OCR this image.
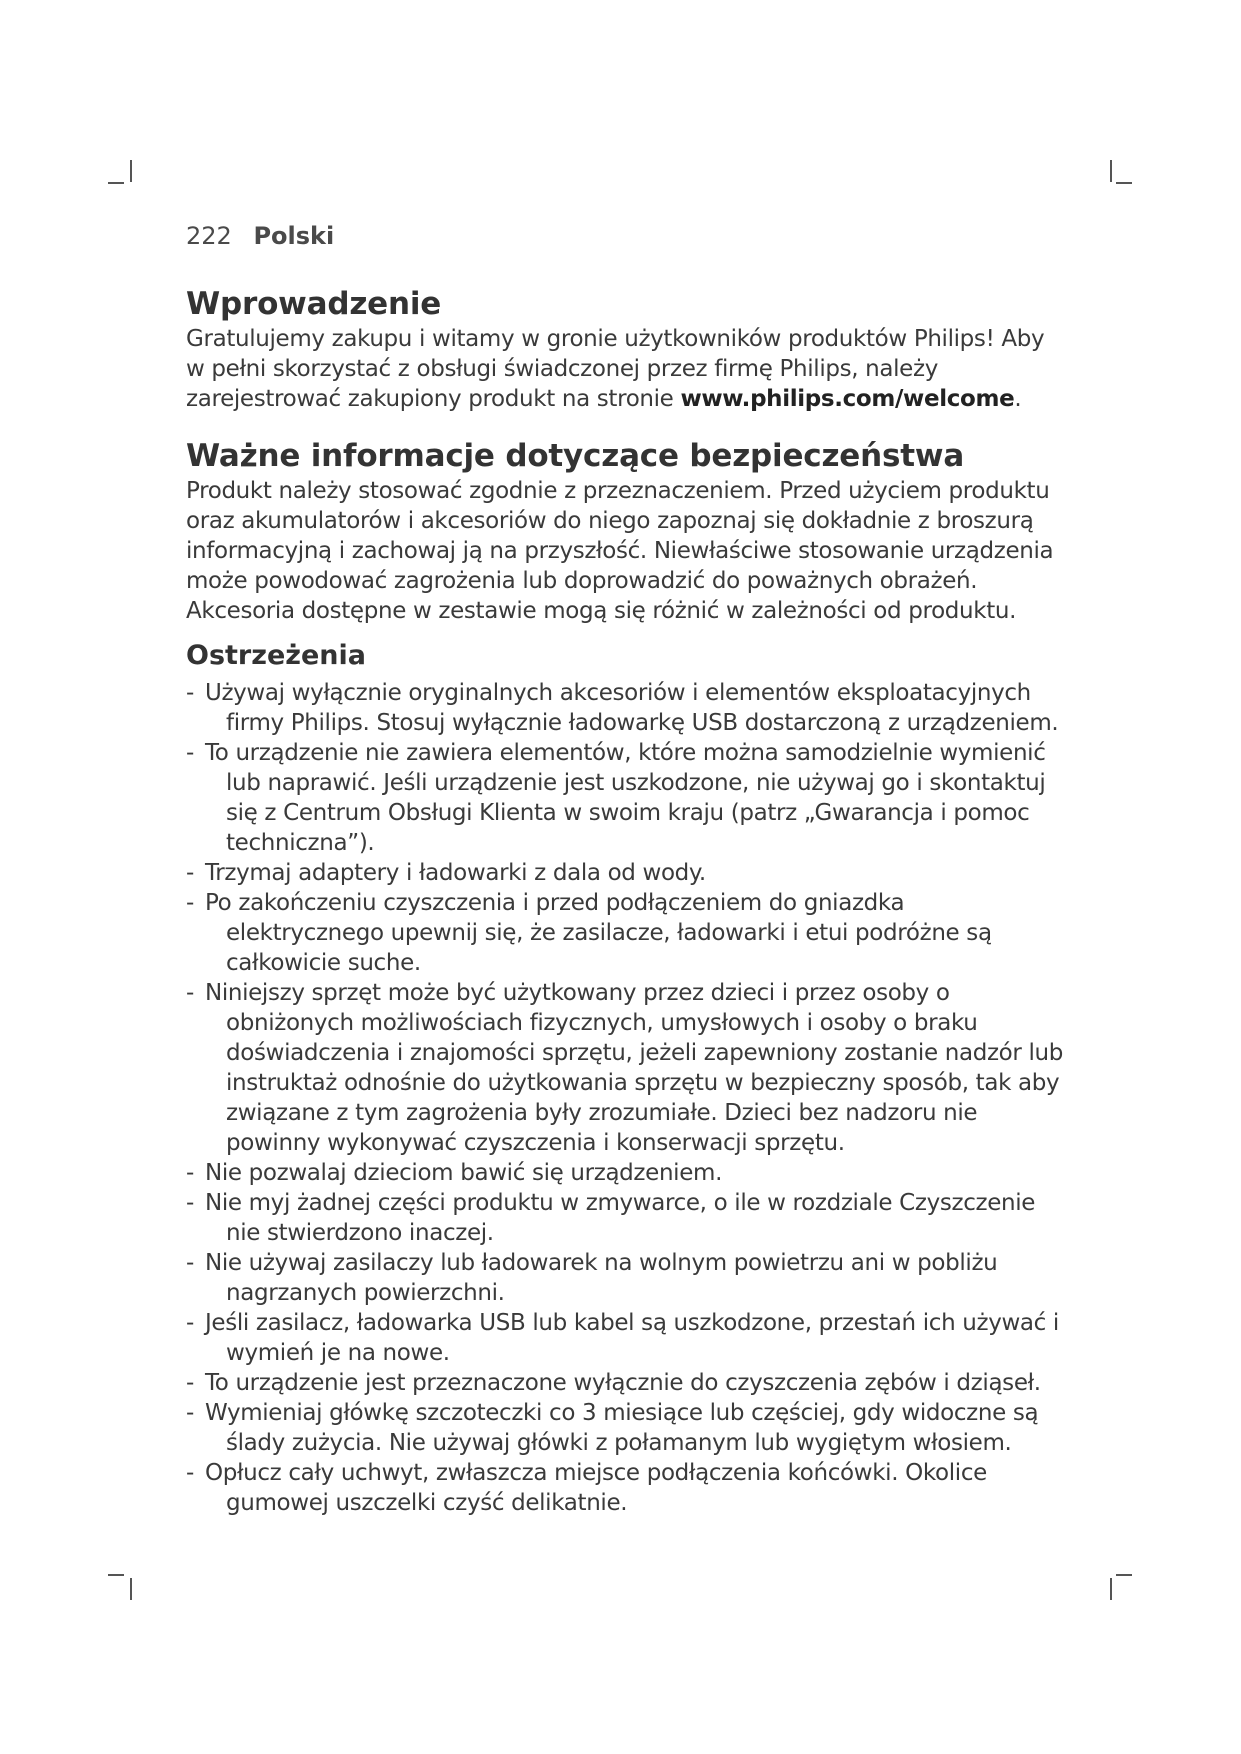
222 Polski
Wprowadzenie

Gratulujemy zakupu i witamy w gronie użytkowników produktów Philips! Aby w pełni skorzystać z obsługi świadczonej przez firmę Philips, należy zarejestrować zakupiony produkt na stronie www.philips.com/welcome.

Ważne informacje dotyczące bezpieczeństwa

Produkt należy stosować zgodnie z przeznaczeniem. Przed użyciem produktu oraz akumulatorów i akcesoriów do niego zapoznaj się dokładnie z broszurą informacyjną i zachowaj ją na przyszłość. Niewłaściwe stosowanie urządzenia może powodować zagrożenia lub doprowadzić do poważnych obrażeń. Akcesoria dostępne w zestawie mogą się różnić w zależności od produktu.

Ostrzeżenia
- Używaj wyłącznie oryginalnych akcesoriów i elementów eksploatacyjnych firmy Philips. Stosuj wyłącznie ładowarkę USB dostarczoną z urządzeniem.
- To urządzenie nie zawiera elementów, które można samodzielnie wymienić lub naprawić. Jeśli urządzenie jest uszkodzone, nie używaj go i skontaktuj się z Centrum Obsługi Klienta w swoim kraju (patrz „Gwarancja i pomoc techniczna”).
- Trzymaj adaptery i ładowarki z dala od wody.
- Po zakończeniu czyszczenia i przed podłączeniem do gniazdka elektrycznego upewnij się, że zasilacze, ładowarki i etui podróżne są całkowicie suche.
- Niniejszy sprzęt może być użytkowany przez dzieci i przez osoby o obniżonych możliwościach fizycznych, umysłowych i osoby o braku doświadczenia i znajomości sprzętu, jeżeli zapewniony zostanie nadzór lub instruktaż odnośnie do użytkowania sprzętu w bezpieczny sposób, tak aby związane z tym zagrożenia były zrozumiałe. Dzieci bez nadzoru nie powinny wykonywać czyszczenia i konserwacji sprzętu.
- Nie pozwalaj dzieciom bawić się urządzeniem.
- Nie myj żadnej części produktu w zmywarce, o ile w rozdziale Czyszczenie nie stwierdzono inaczej.
- Nie używaj zasilaczy lub ładowarek na wolnym powietrzu ani w pobliżu nagrzanych powierzchni.
- Jeśli zasilacz, ładowarka USB lub kabel są uszkodzone, przestań ich używać i wymień je na nowe.
- To urządzenie jest przeznaczone wyłącznie do czyszczenia zębów i dziąseł.
- Wymieniaj główkę szczoteczki co 3 miesiące lub częściej, gdy widoczne są ślady zużycia. Nie używaj główki z połamanym lub wygiętym włosiem.
- Opłucz cały uchwyt, zwłaszcza miejsce podłączenia końcówki. Okolice gumowej uszczelki czyść delikatnie.
